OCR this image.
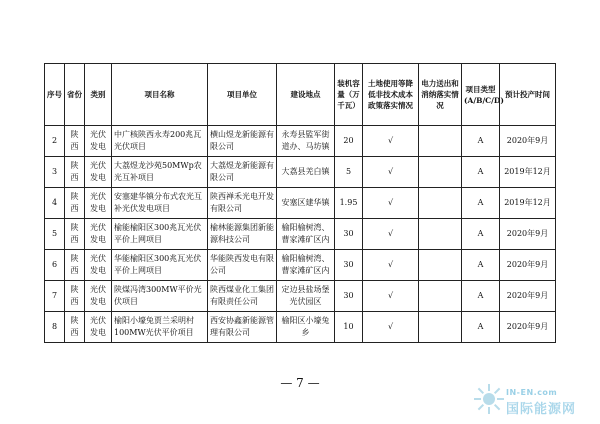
序号	省份	类别	项目名称	项目单位	建设地点	装机容量（万千瓦）	土地使用等降低非技术成本政策落实情况	电力送出和消纳落实情况	项目类型(A/B/C/D)	预计投产时间	
2	陕西	光伏发电	中广核陕西永寿200兆瓦光伏项目	横山煜龙新能源有限公司	永寿县監军街道办、马坊镇	20	√		A	2020年9月	
3	陕西	光伏发电	大荔煜龙沙苑50MWp农光互补项目	大荔煜龙新能源有限公司	大荔县羌白镇	5	√		A	2019年12月	
4	陕西	光伏发电	安塞建华镇分布式农光互补光伏发电项目	陕西禅禾光电开发有限公司	安塞区建华镇	1.95	√		A	2019年12月	
5	陕西	光伏发电	榆能榆阳区300兆瓦光伏平价上网项目	榆林能源集团新能源科技公司	榆阳榆树湾、曹家滩矿区内	30	√		A	2020年9月	
6	陕西	光伏发电	华能榆阳区300兆瓦光伏平价上网项目	华能陕西发电有限公司	榆阳榆树湾、曹家滩矿区内	30	√		A	2020年9月	
7	陕西	光伏发电	陕煤冯湾300MW平价光伏项目	陕西煤业化工集团有限责任公司	定边县盐场堡光伏园区	30	√		A	2020年9月	
8	陕西	光伏发电	榆阳小壕兔贾兰采明村100MW光伏平价项目	西安协鑫新能源管理有限公司	榆阳区小壕兔乡	10	√		A	2020年9月	
— 7 —
IN-EN.com
国际能源网
